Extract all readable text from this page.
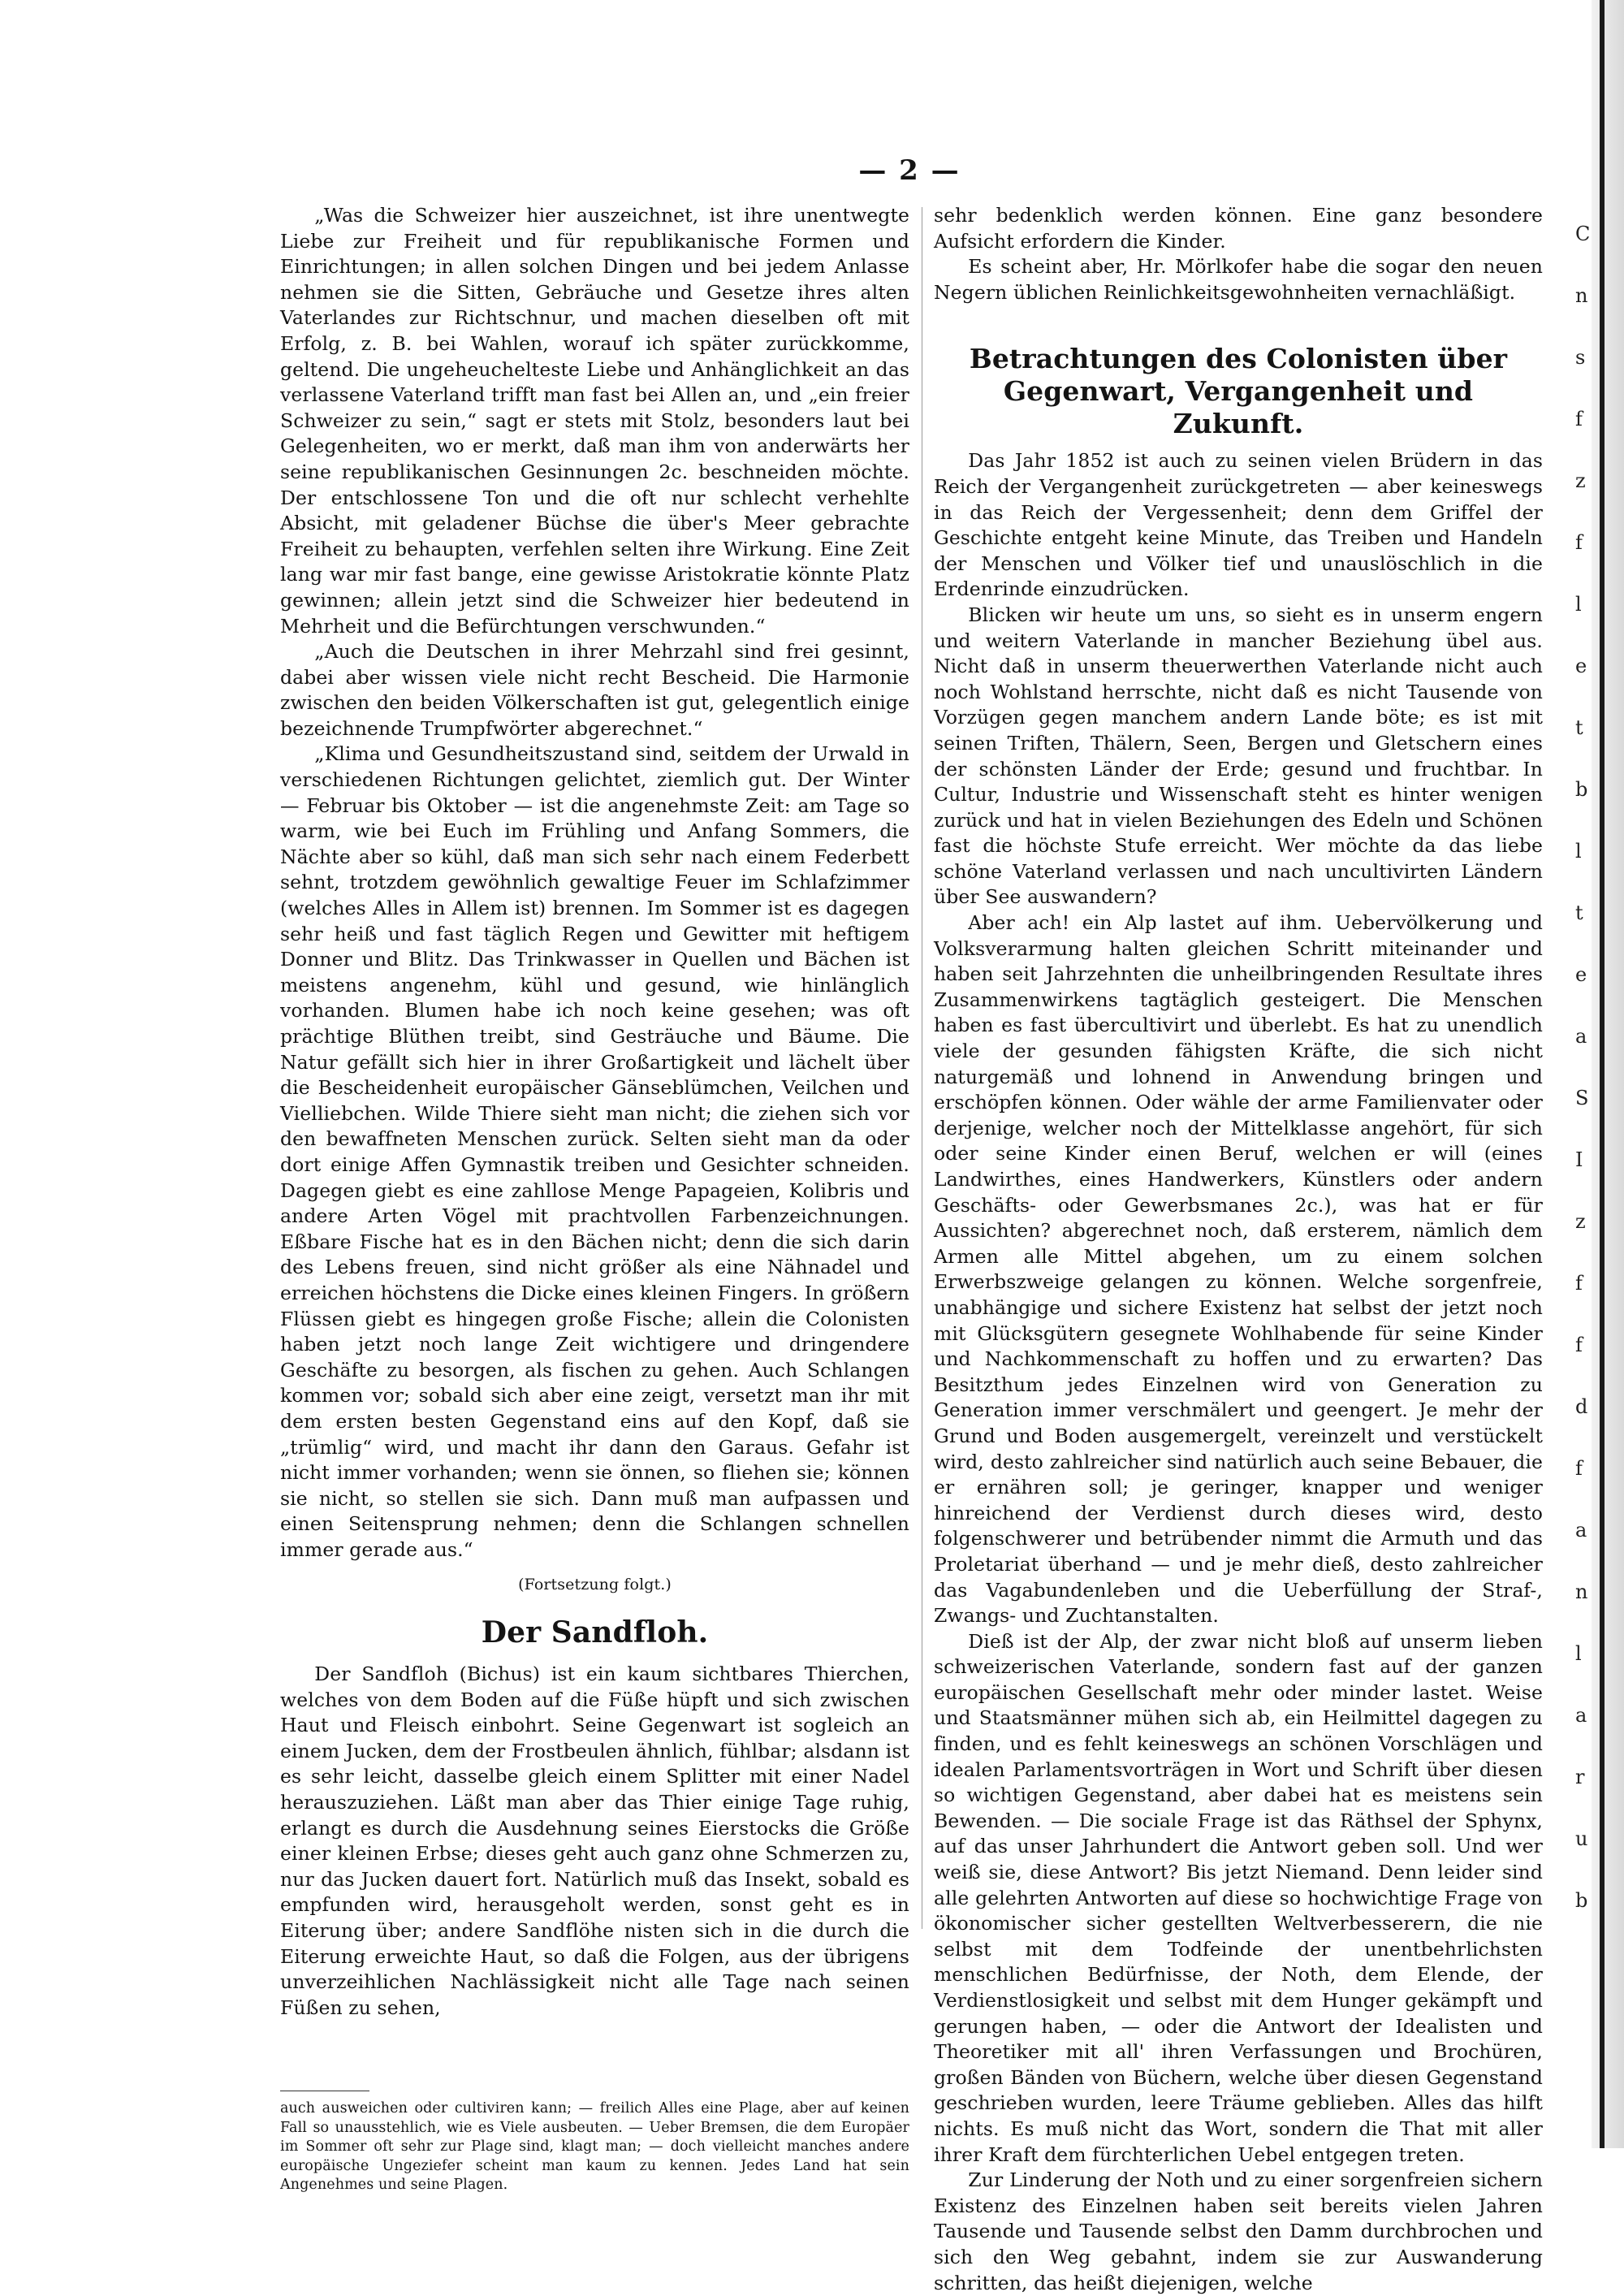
— 2 —

„Was die Schweizer hier auszeichnet, ist ihre unentwegte Liebe zur Freiheit und für republikanische Formen und Einrichtungen; in allen solchen Dingen und bei jedem Anlasse nehmen sie die Sitten, Gebräuche und Gesetze ihres alten Vaterlandes zur Richtschnur, und machen dieselben oft mit Erfolg, z. B. bei Wahlen, worauf ich später zurückkomme, geltend. Die ungeheuchelteste Liebe und Anhänglichkeit an das verlassene Vaterland trifft man fast bei Allen an, und „ein freier Schweizer zu sein,“ sagt er stets mit Stolz, besonders laut bei Gelegenheiten, wo er merkt, daß man ihm von anderwärts her seine republikanischen Gesinnungen 2c. beschneiden möchte. Der entschlossene Ton und die oft nur schlecht verhehlte Absicht, mit geladener Büchse die über's Meer gebrachte Freiheit zu behaupten, verfehlen selten ihre Wirkung. Eine Zeit lang war mir fast bange, eine gewisse Aristokratie könnte Platz gewinnen; allein jetzt sind die Schweizer hier bedeutend in Mehrheit und die Befürchtungen verschwunden.“

„Auch die Deutschen in ihrer Mehrzahl sind frei gesinnt, dabei aber wissen viele nicht recht Bescheid. Die Harmonie zwischen den beiden Völkerschaften ist gut, gelegentlich einige bezeichnende Trumpfwörter abgerechnet.“

„Klima und Gesundheitszustand sind, seitdem der Urwald in verschiedenen Richtungen gelichtet, ziemlich gut. Der Winter — Februar bis Oktober — ist die angenehmste Zeit: am Tage so warm, wie bei Euch im Frühling und Anfang Sommers, die Nächte aber so kühl, daß man sich sehr nach einem Federbett sehnt, trotzdem gewöhnlich gewaltige Feuer im Schlafzimmer (welches Alles in Allem ist) brennen. Im Sommer ist es dagegen sehr heiß und fast täglich Regen und Gewitter mit heftigem Donner und Blitz. Das Trinkwasser in Quellen und Bächen ist meistens angenehm, kühl und gesund, wie hinlänglich vorhanden. Blumen habe ich noch keine gesehen; was oft prächtige Blüthen treibt, sind Gesträuche und Bäume. Die Natur gefällt sich hier in ihrer Großartigkeit und lächelt über die Bescheidenheit europäischer Gänseblümchen, Veilchen und Vielliebchen. Wilde Thiere sieht man nicht; die ziehen sich vor den bewaffneten Menschen zurück. Selten sieht man da oder dort einige Affen Gymnastik treiben und Gesichter schneiden. Dagegen giebt es eine zahllose Menge Papageien, Kolibris und andere Arten Vögel mit prachtvollen Farbenzeichnungen. Eßbare Fische hat es in den Bächen nicht; denn die sich darin des Lebens freuen, sind nicht größer als eine Nähnadel und erreichen höchstens die Dicke eines kleinen Fingers. In größern Flüssen giebt es hingegen große Fische; allein die Colonisten haben jetzt noch lange Zeit wichtigere und dringendere Geschäfte zu besorgen, als fischen zu gehen. Auch Schlangen kommen vor; sobald sich aber eine zeigt, versetzt man ihr mit dem ersten besten Gegenstand eins auf den Kopf, daß sie „trümlig“ wird, und macht ihr dann den Garaus. Gefahr ist nicht immer vorhanden; wenn sie önnen, so fliehen sie; können sie nicht, so stellen sie sich. Dann muß man aufpassen und einen Seitensprung nehmen; denn die Schlangen schnellen immer gerade aus.“

(Fortsetzung folgt.)
Der Sandfloh.

Der Sandfloh (Bichus) ist ein kaum sichtbares Thierchen, welches von dem Boden auf die Füße hüpft und sich zwischen Haut und Fleisch einbohrt. Seine Gegenwart ist sogleich an einem Jucken, dem der Frostbeulen ähnlich, fühlbar; alsdann ist es sehr leicht, dasselbe gleich einem Splitter mit einer Nadel herauszuziehen. Läßt man aber das Thier einige Tage ruhig, erlangt es durch die Ausdehnung seines Eierstocks die Größe einer kleinen Erbse; dieses geht auch ganz ohne Schmerzen zu, nur das Jucken dauert fort. Natürlich muß das Insekt, sobald es empfunden wird, herausgeholt werden, sonst geht es in Eiterung über; andere Sandflöhe nisten sich in die durch die Eiterung erweichte Haut, so daß die Folgen, aus der übrigens unverzeihlichen Nachlässigkeit nicht alle Tage nach seinen Füßen zu sehen,

auch ausweichen oder cultiviren kann; — freilich Alles eine Plage, aber auf keinen Fall so unausstehlich, wie es Viele ausbeuten. — Ueber Bremsen, die dem Europäer im Sommer oft sehr zur Plage sind, klagt man; — doch vielleicht manches andere europäische Ungeziefer scheint man kaum zu kennen. Jedes Land hat sein Angenehmes und seine Plagen.

sehr bedenklich werden können. Eine ganz besondere Aufsicht erfordern die Kinder.

Es scheint aber, Hr. Mörlkofer habe die sogar den neuen Negern üblichen Reinlichkeitsgewohnheiten vernachläßigt.

Betrachtungen des Colonisten über Gegenwart, Vergangenheit und Zukunft.

Das Jahr 1852 ist auch zu seinen vielen Brüdern in das Reich der Vergangenheit zurückgetreten — aber keineswegs in das Reich der Vergessenheit; denn dem Griffel der Geschichte entgeht keine Minute, das Treiben und Handeln der Menschen und Völker tief und unauslöschlich in die Erdenrinde einzudrücken.

Blicken wir heute um uns, so sieht es in unserm engern und weitern Vaterlande in mancher Beziehung übel aus. Nicht daß in unserm theuerwerthen Vaterlande nicht auch noch Wohlstand herrschte, nicht daß es nicht Tausende von Vorzügen gegen manchem andern Lande böte; es ist mit seinen Triften, Thälern, Seen, Bergen und Gletschern eines der schönsten Länder der Erde; gesund und fruchtbar. In Cultur, Industrie und Wissenschaft steht es hinter wenigen zurück und hat in vielen Beziehungen des Edeln und Schönen fast die höchste Stufe erreicht. Wer möchte da das liebe schöne Vaterland verlassen und nach uncultivirten Ländern über See auswandern?

Aber ach! ein Alp lastet auf ihm. Uebervölkerung und Volksverarmung halten gleichen Schritt miteinander und haben seit Jahrzehnten die unheilbringenden Resultate ihres Zusammenwirkens tagtäglich gesteigert. Die Menschen haben es fast übercultivirt und überlebt. Es hat zu unendlich viele der gesunden fähigsten Kräfte, die sich nicht naturgemäß und lohnend in Anwendung bringen und erschöpfen können. Oder wähle der arme Familienvater oder derjenige, welcher noch der Mittelklasse angehört, für sich oder seine Kinder einen Beruf, welchen er will (eines Landwirthes, eines Handwerkers, Künstlers oder andern Geschäfts- oder Gewerbsmanes 2c.), was hat er für Aussichten? abgerechnet noch, daß ersterem, nämlich dem Armen alle Mittel abgehen, um zu einem solchen Erwerbszweige gelangen zu können. Welche sorgenfreie, unabhängige und sichere Existenz hat selbst der jetzt noch mit Glücksgütern gesegnete Wohlhabende für seine Kinder und Nachkommenschaft zu hoffen und zu erwarten? Das Besitzthum jedes Einzelnen wird von Generation zu Generation immer verschmälert und geengert. Je mehr der Grund und Boden ausgemergelt, vereinzelt und verstückelt wird, desto zahlreicher sind natürlich auch seine Bebauer, die er ernähren soll; je geringer, knapper und weniger hinreichend der Verdienst durch dieses wird, desto folgenschwerer und betrübender nimmt die Armuth und das Proletariat überhand — und je mehr dieß, desto zahlreicher das Vagabundenleben und die Ueberfüllung der Straf-, Zwangs- und Zuchtanstalten.

Dieß ist der Alp, der zwar nicht bloß auf unserm lieben schweizerischen Vaterlande, sondern fast auf der ganzen europäischen Gesellschaft mehr oder minder lastet. Weise und Staatsmänner mühen sich ab, ein Heilmittel dagegen zu finden, und es fehlt keineswegs an schönen Vorschlägen und idealen Parlamentsvorträgen in Wort und Schrift über diesen so wichtigen Gegenstand, aber dabei hat es meistens sein Bewenden. — Die sociale Frage ist das Räthsel der Sphynx, auf das unser Jahrhundert die Antwort geben soll. Und wer weiß sie, diese Antwort? Bis jetzt Niemand. Denn leider sind alle gelehrten Antworten auf diese so hochwichtige Frage von ökonomischer sicher gestellten Weltverbesserern, die nie selbst mit dem Todfeinde der unentbehrlichsten menschlichen Bedürfnisse, der Noth, dem Elende, der Verdienstlosigkeit und selbst mit dem Hunger gekämpft und gerungen haben, — oder die Antwort der Idealisten und Theoretiker mit all' ihren Verfassungen und Brochüren, großen Bänden von Büchern, welche über diesen Gegenstand geschrieben wurden, leere Träume geblieben. Alles das hilft nichts. Es muß nicht das Wort, sondern die That mit aller ihrer Kraft dem fürchterlichen Uebel entgegen treten.

Zur Linderung der Noth und zu einer sorgenfreien sichern Existenz des Einzelnen haben seit bereits vielen Jahren Tausende und Tausende selbst den Damm durchbrochen und sich den Weg gebahnt, indem sie zur Auswanderung schritten, das heißt diejenigen, welche

C
n
s
f
z
f
l
e
t
b
l
t
e
a
S
I
z
f
f
d
f
a
n
l
a
r
u
b
